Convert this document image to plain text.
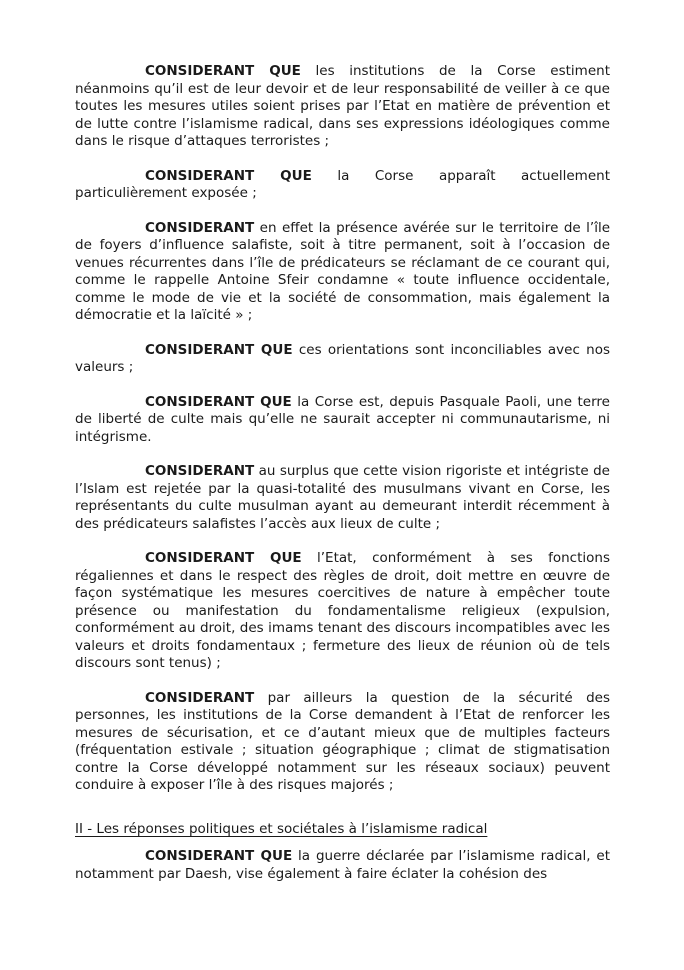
CONSIDERANT QUE les institutions de la Corse estiment néanmoins qu’il est de leur devoir et de leur responsabilité de veiller à ce que toutes les mesures utiles soient prises par l’Etat en matière de prévention et de lutte contre l’islamisme radical, dans ses expressions idéologiques comme dans le risque d’attaques terroristes ;

CONSIDERANT QUE la Corse apparaît actuellement particulièrement exposée ;

CONSIDERANT en effet la présence avérée sur le territoire de l’île de foyers d’influence salafiste, soit à titre permanent, soit à l’occasion de venues récurrentes dans l’île de prédicateurs se réclamant de ce courant qui, comme le rappelle Antoine Sfeir condamne « toute influence occidentale, comme le mode de vie et la société de consommation, mais également la démocratie et la laïcité » ;

CONSIDERANT QUE ces orientations sont inconciliables avec nos valeurs ;

CONSIDERANT QUE la Corse est, depuis Pasquale Paoli, une terre de liberté de culte mais qu’elle ne saurait accepter ni communautarisme, ni intégrisme.

CONSIDERANT au surplus que cette vision rigoriste et intégriste de l’Islam est rejetée par la quasi-totalité des musulmans vivant en Corse, les représentants du culte musulman ayant au demeurant interdit récemment à des prédicateurs salafistes l’accès aux lieux de culte ;

CONSIDERANT QUE l’Etat, conformément à ses fonctions régaliennes et dans le respect des règles de droit, doit mettre en œuvre de façon systématique les mesures coercitives de nature à empêcher toute présence ou manifestation du fondamentalisme religieux (expulsion, conformément au droit, des imams tenant des discours incompatibles avec les valeurs et droits fondamentaux ; fermeture des lieux de réunion où de tels discours sont tenus) ;

CONSIDERANT par ailleurs la question de la sécurité des personnes, les institutions de la Corse demandent à l’Etat de renforcer les mesures de sécurisation, et ce d’autant mieux que de multiples facteurs (fréquentation estivale ; situation géographique ; climat de stigmatisation contre la Corse développé notamment sur les réseaux sociaux) peuvent conduire à exposer l’île à des risques majorés ;

II - Les réponses politiques et sociétales à l’islamisme radical

CONSIDERANT QUE la guerre déclarée par l’islamisme radical, et notamment par Daesh, vise également à faire éclater la cohésion des
